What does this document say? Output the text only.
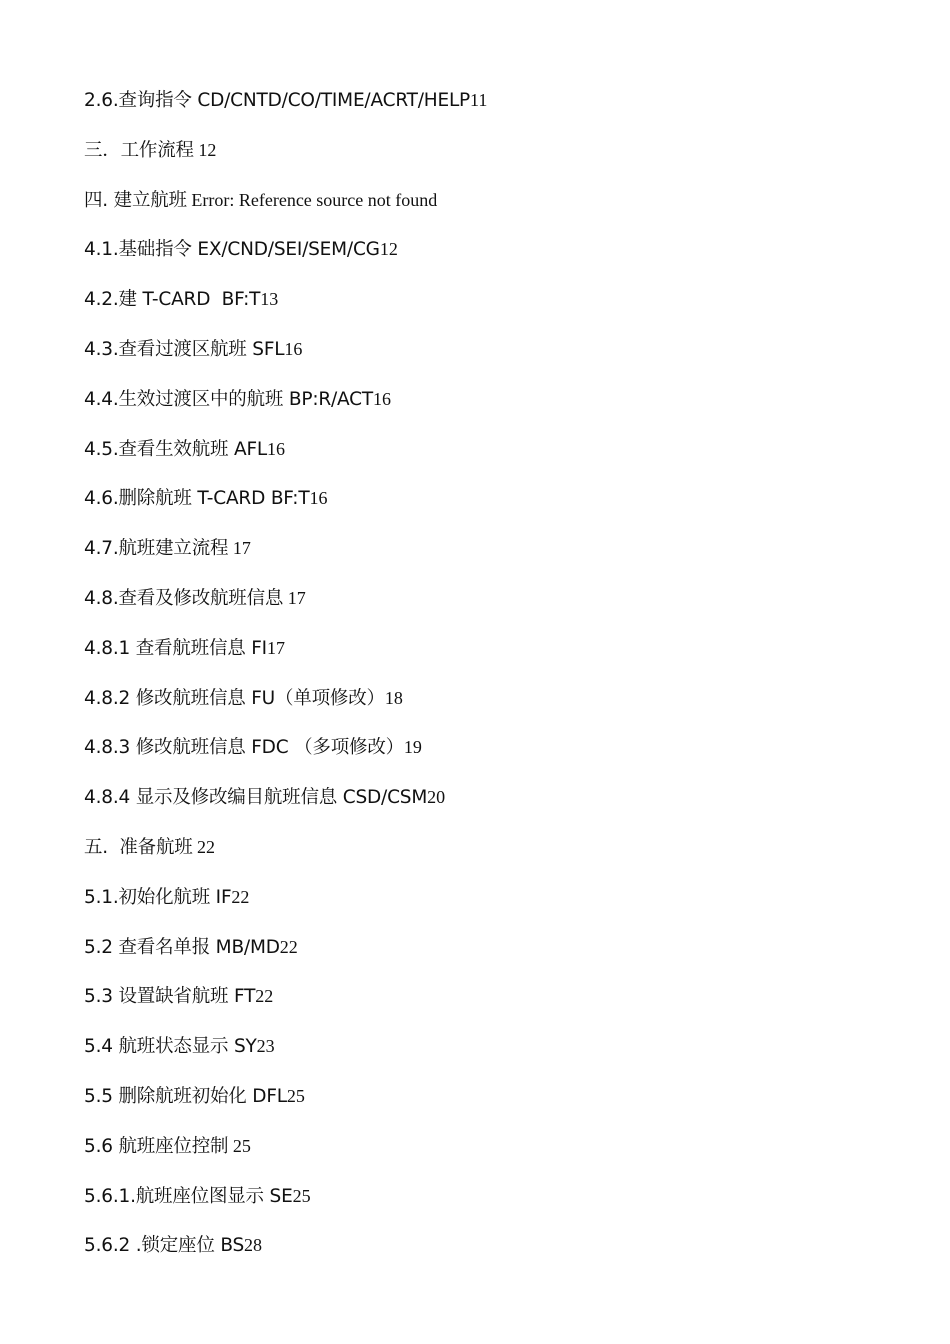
2.6.查询指令 CD/CNTD/CO/TIME/ACRT/HELP11
三．工作流程 12
四. 建立航班 Error: Reference source not found
4.1.基础指令 EX/CND/SEI/SEM/CG12
4.2.建 T-CARD  BF:T13
4.3.查看过渡区航班 SFL16
4.4.生效过渡区中的航班 BP:R/ACT16
4.5.查看生效航班 AFL16
4.6.删除航班 T-CARD BF:T16
4.7.航班建立流程 17
4.8.查看及修改航班信息 17
4.8.1 查看航班信息 FI17
4.8.2 修改航班信息 FU（单项修改）18
4.8.3 修改航班信息 FDC （多项修改）19
4.8.4 显示及修改编目航班信息 CSD/CSM20
五.  准备航班 22
5.1.初始化航班 IF22
5.2 查看名单报 MB/MD22
5.3 设置缺省航班 FT22
5.4 航班状态显示 SY23
5.5 删除航班初始化 DFL25
5.6 航班座位控制 25
5.6.1.航班座位图显示 SE25
5.6.2 .锁定座位 BS28
